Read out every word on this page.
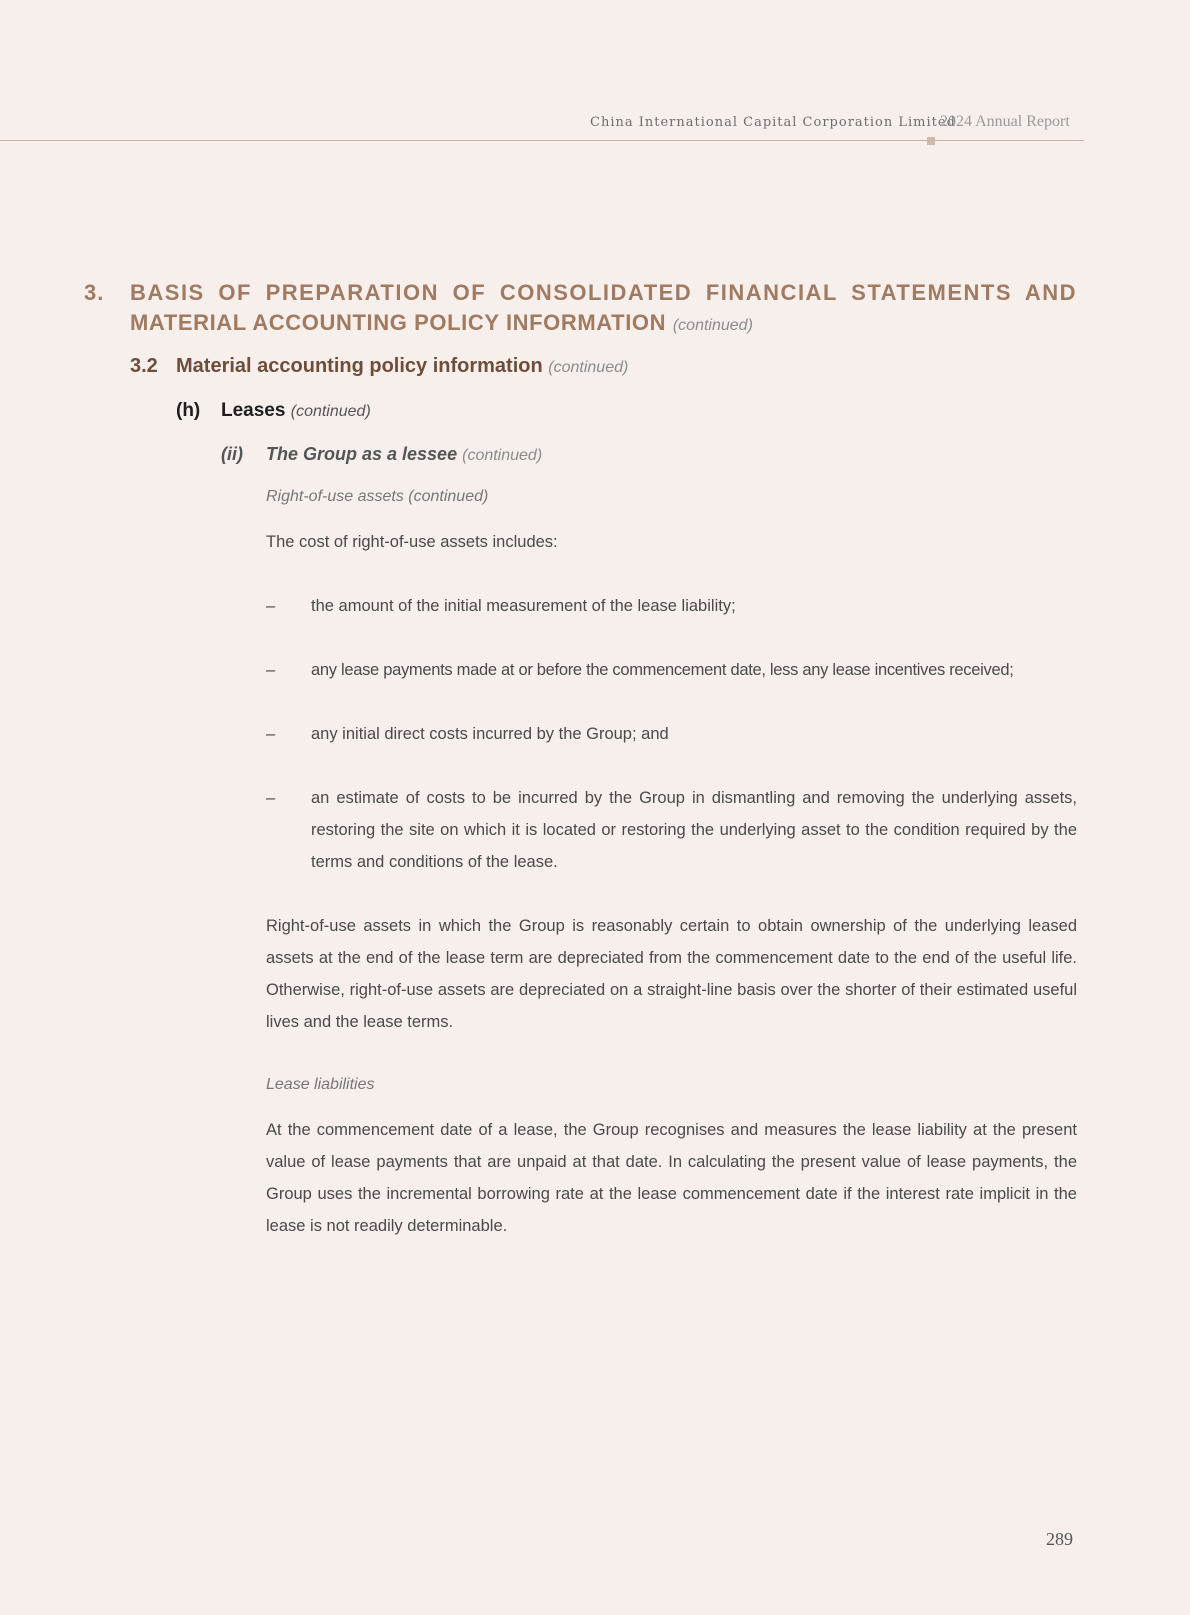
China International Capital Corporation Limited
2024 Annual Report
3. BASIS OF PREPARATION OF CONSOLIDATED FINANCIAL STATEMENTS AND
MATERIAL ACCOUNTING POLICY INFORMATION (continued)
3.2 Material accounting policy information (continued)
(h) Leases (continued)
(ii) The Group as a lessee (continued)
Right-of-use assets (continued)
The cost of right-of-use assets includes:
– the amount of the initial measurement of the lease liability;
– any lease payments made at or before the commencement date, less any lease incentives received;
– any initial direct costs incurred by the Group; and
– an estimate of costs to be incurred by the Group in dismantling and removing the underlying assets, restoring the site on which it is located or restoring the underlying asset to the condition required by the terms and conditions of the lease.
Right-of-use assets in which the Group is reasonably certain to obtain ownership of the underlying leased assets at the end of the lease term are depreciated from the commencement date to the end of the useful life. Otherwise, right-of-use assets are depreciated on a straight-line basis over the shorter of their estimated useful lives and the lease terms.
Lease liabilities
At the commencement date of a lease, the Group recognises and measures the lease liability at the present value of lease payments that are unpaid at that date. In calculating the present value of lease payments, the Group uses the incremental borrowing rate at the lease commencement date if the interest rate implicit in the lease is not readily determinable.
289
